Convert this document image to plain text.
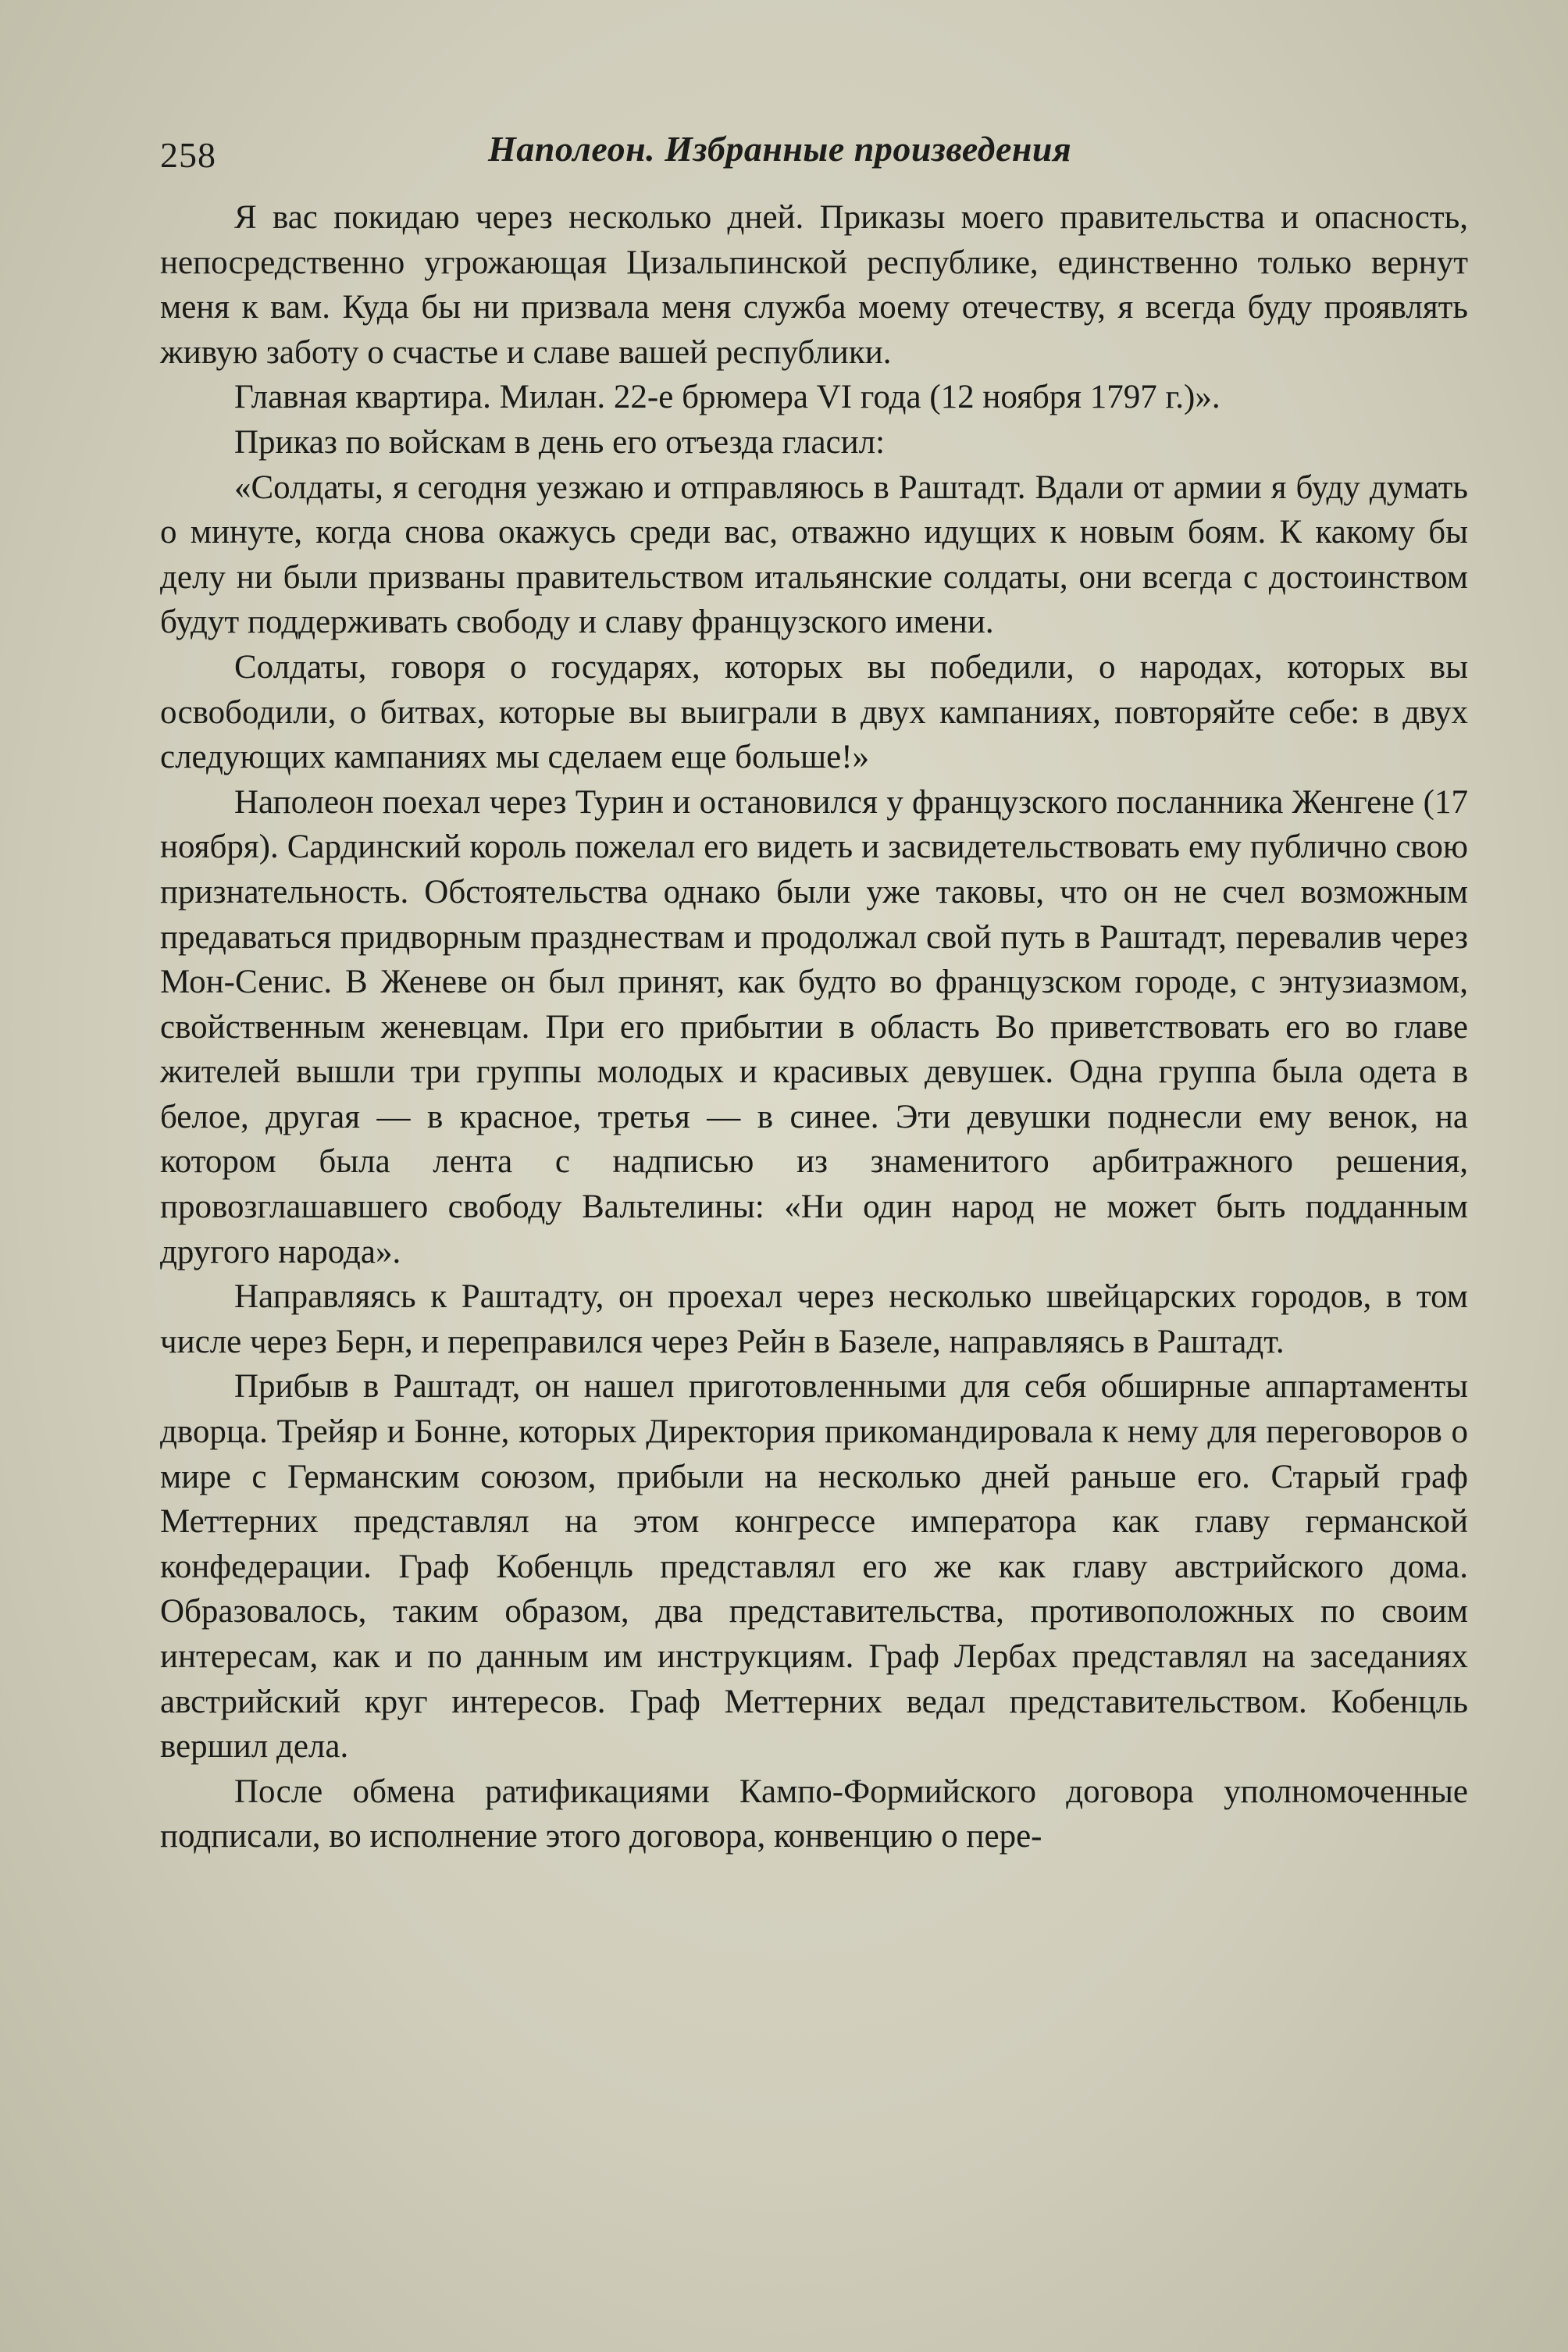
258	Наполеон. Избранные произведения

Я вас покидаю через несколько дней. Приказы моего правительства и опасность, непосредственно угрожающая Цизальпинской республике, единственно только вернут меня к вам. Куда бы ни призвала меня служба моему отечеству, я всегда буду проявлять живую заботу о счастье и славе вашей республики.

Главная квартира. Милан. 22-е брюмера VI года (12 ноября 1797 г.)».

Приказ по войскам в день его отъезда гласил:

«Солдаты, я сегодня уезжаю и отправляюсь в Раштадт. Вдали от армии я буду думать о минуте, когда снова окажусь среди вас, отважно идущих к новым боям. К какому бы делу ни были призваны правительством итальянские солдаты, они всегда с достоинством будут поддерживать свободу и славу французского имени.

Солдаты, говоря о государях, которых вы победили, о народах, которых вы освободили, о битвах, которые вы выиграли в двух кампаниях, повторяйте себе: в двух следующих кампаниях мы сделаем еще больше!»

Наполеон поехал через Турин и остановился у французского посланника Женгене (17 ноября). Сардинский король пожелал его видеть и засвидетельствовать ему публично свою признательность. Обстоятельства однако были уже таковы, что он не счел возможным предаваться придворным празднествам и продолжал свой путь в Раштадт, перевалив через Мон-Сенис. В Женеве он был принят, как будто во французском городе, с энтузиазмом, свойственным женевцам. При его прибытии в область Во приветствовать его во главе жителей вышли три группы молодых и красивых девушек. Одна группа была одета в белое, другая — в красное, третья — в синее. Эти девушки поднесли ему венок, на котором была лента с надписью из знаменитого арбитражного решения, провозглашавшего свободу Вальтелины: «Ни один народ не может быть подданным другого народа».

Направляясь к Раштадту, он проехал через несколько швейцарских городов, в том числе через Берн, и переправился через Рейн в Базеле, направляясь в Раштадт.

Прибыв в Раштадт, он нашел приготовленными для себя обширные аппартаменты дворца. Трейяр и Бонне, которых Директория прикомандировала к нему для переговоров о мире с Германским союзом, прибыли на несколько дней раньше его. Старый граф Меттерних представлял на этом конгрессе императора как главу германской конфедерации. Граф Кобенцль представлял его же как главу австрийского дома. Образовалось, таким образом, два представительства, противоположных по своим интересам, как и по данным им инструкциям. Граф Лербах представлял на заседаниях австрийский круг интересов. Граф Меттерних ведал представительством. Кобенцль вершил дела.

После обмена ратификациями Кампо-Формийского договора уполномоченные подписали, во исполнение этого договора, конвенцию о пере-
